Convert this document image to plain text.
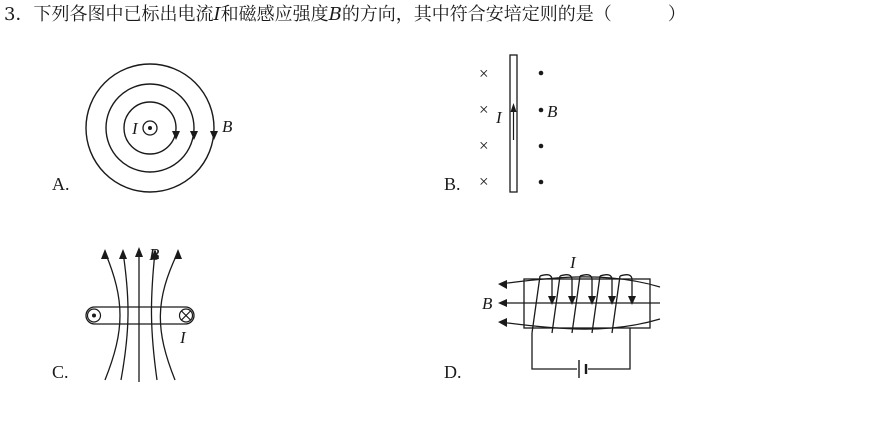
3．下列各图中已标出电流I和磁感应强度B的方向，其中符合安培定则的是（	）
I	B
A.
×
×
×
×
I	B
B.
B
I
C.
I
B
D.
